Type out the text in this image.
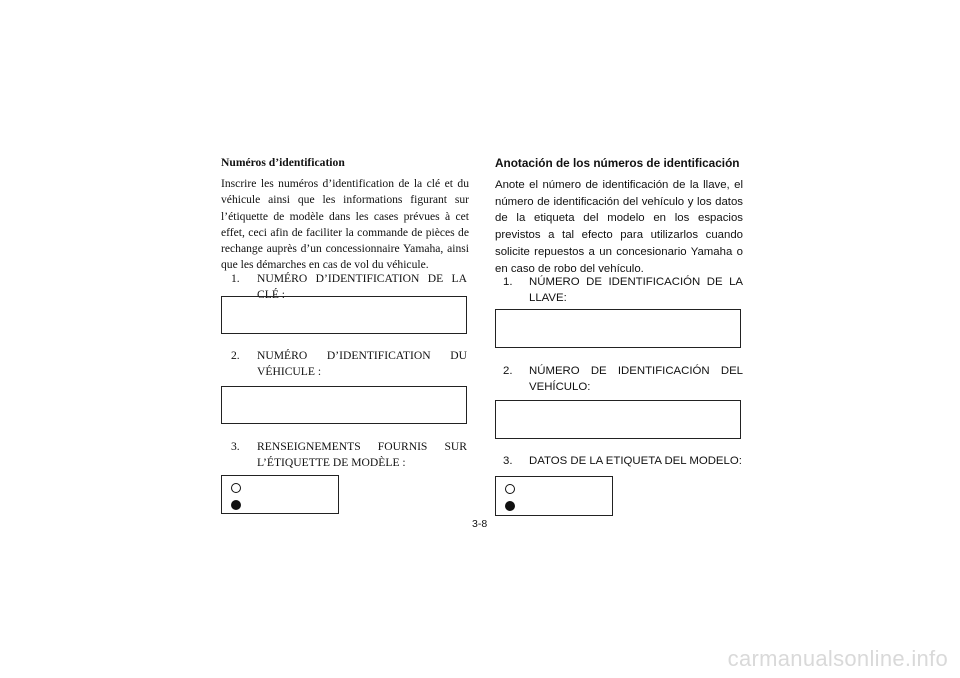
Numéros d’identification

Inscrire les numéros d’identification de la clé et du véhicule ainsi que les informations figurant sur l’étiquette de modèle dans les cases prévues à cet effet, ceci afin de faciliter la commande de pièces de rechange auprès d’un concessionnaire Yamaha, ainsi que les démarches en cas de vol du véhicule.

1.	NUMÉRO D’IDENTIFICATION DE LA CLÉ :
2.	NUMÉRO D’IDENTIFICATION DU VÉHICULE :
3.	RENSEIGNEMENTS FOURNIS SUR L’ÉTIQUETTE DE MODÈLE :

Anotación de los números de identificación

Anote el número de identificación de la llave, el número de identificación del vehículo y los datos de la etiqueta del modelo en los espacios previstos a tal efecto para utilizarlos cuando solicite repuestos a un concesionario Yamaha o en caso de robo del vehículo.

1.	NÚMERO DE IDENTIFICACIÓN DE LA LLAVE:
2.	NÚMERO DE IDENTIFICACIÓN DEL VEHÍCULO:
3.	DATOS DE LA ETIQUETA DEL MODELO:
3-8
carmanualsonline.info
